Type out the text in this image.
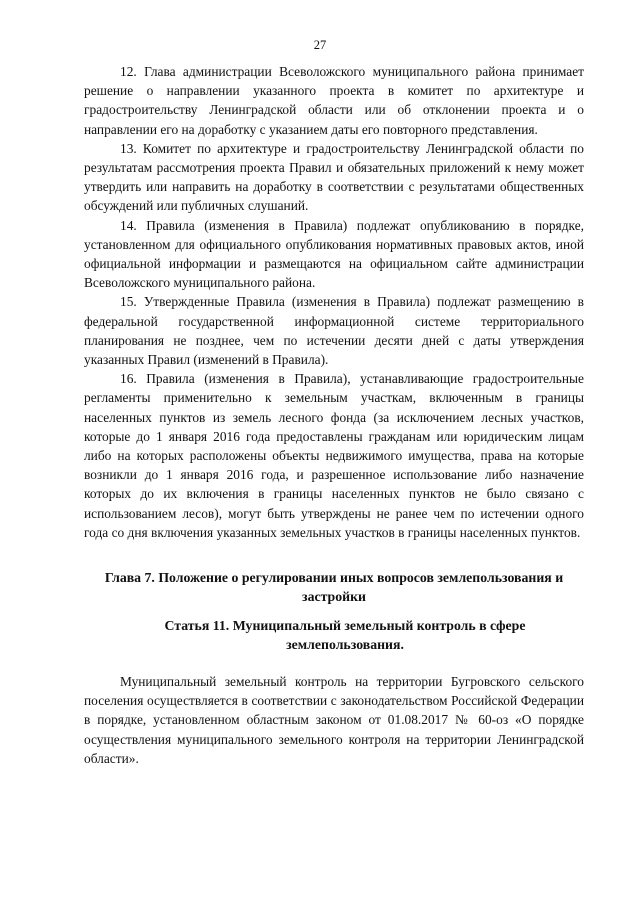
27

12. Глава администрации Всеволожского муниципального района принимает решение о направлении указанного проекта в комитет по архитектуре и градостроительству Ленинградской области или об отклонении проекта и о направлении его на доработку с указанием даты его повторного представления.

13. Комитет по архитектуре и градостроительству Ленинградской области по результатам рассмотрения проекта Правил и обязательных приложений к нему может утвердить или направить на доработку в соответствии с результатами общественных обсуждений или публичных слушаний.

14. Правила (изменения в Правила) подлежат опубликованию в порядке, установленном для официального опубликования нормативных правовых актов, иной официальной информации и размещаются на официальном сайте администрации Всеволожского муниципального района.

15. Утвержденные Правила (изменения в Правила) подлежат размещению в федеральной государственной информационной системе территориального планирования не позднее, чем по истечении десяти дней с даты утверждения указанных Правил (изменений в Правила).

16. Правила (изменения в Правила), устанавливающие градостроительные регламенты применительно к земельным участкам, включенным в границы населенных пунктов из земель лесного фонда (за исключением лесных участков, которые до 1 января 2016 года предоставлены гражданам или юридическим лицам либо на которых расположены объекты недвижимого имущества, права на которые возникли до 1 января 2016 года, и разрешенное использование либо назначение которых до их включения в границы населенных пунктов не было связано с использованием лесов), могут быть утверждены не ранее чем по истечении одного года со дня включения указанных земельных участков в границы населенных пунктов.

Глава 7. Положение о регулировании иных вопросов землепользования и застройки
Статья 11. Муниципальный земельный контроль в сфере землепользования.

Муниципальный земельный контроль на территории Бугровского сельского поселения осуществляется в соответствии с законодательством Российской Федерации в порядке, установленном областным законом от 01.08.2017 № 60-оз «О порядке осуществления муниципального земельного контроля на территории Ленинградской области».
